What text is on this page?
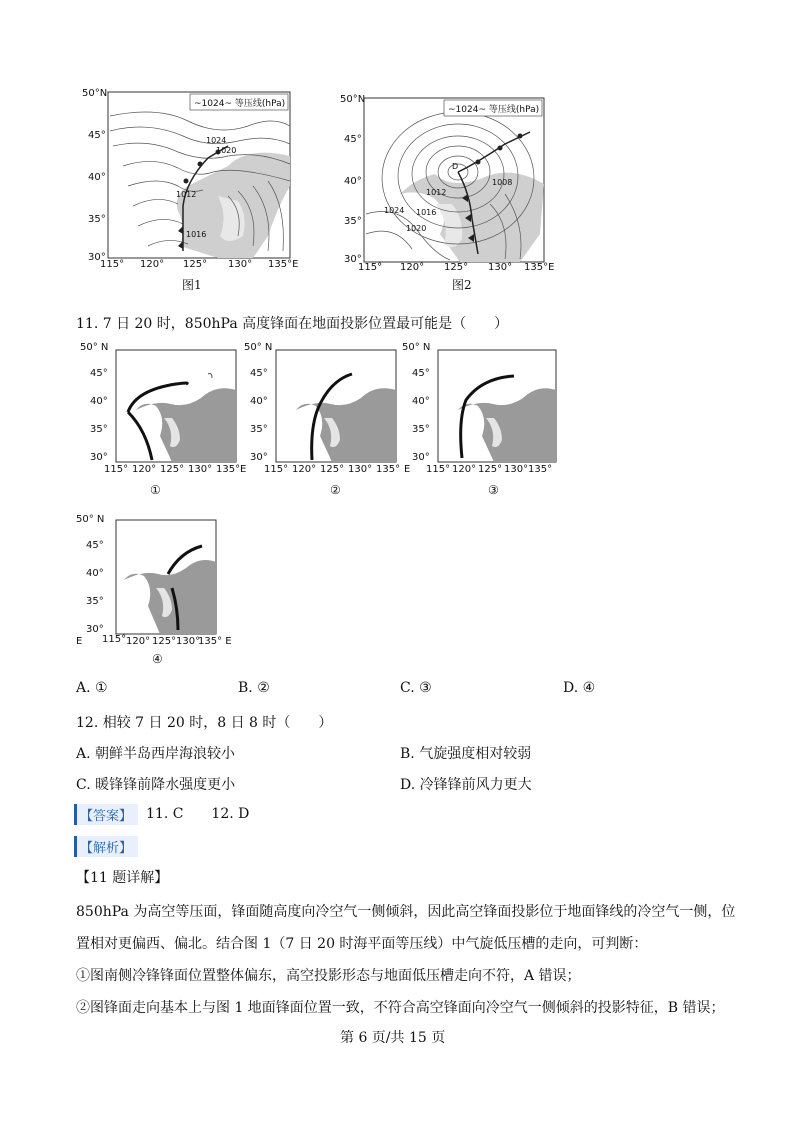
~1024~ 等压线(hPa)
50°N
45°
40°
35°
30°
115° 120° 125° 130° 135°E
1024
1020
1012
1016
图1
~1024~ 等压线(hPa)
50°N
45°
40°
35°
30°
115° 120° 125° 130° 135°E
1012
1016
1020
1024
1008
D
图2
11. 7 日 20 时，850hPa 高度锋面在地面投影位置最可能是（　　）
50° N
45°
40°
35°
30°
115° 120° 125° 130° 135°
①
50° N
45°
40°
35°
30°
E 115° 120° 125° 130° 135°
②
50° N
45°
40°
35°
30°
E 115° 120° 125° 130° 135°
③
50° N
45°
40°
35°
30°
E 115° 120° 125° 130°
135° E
④
A. ①	B. ②	C. ③	D. ④
12. 相较 7 日 20 时，8 日 8 时（　　）
A. 朝鲜半岛西岸海浪较小	B. 气旋强度相对较弱
C. 暖锋锋前降水强度更小	D. 冷锋锋前风力更大
【答案】 11. C　　12. D
【解析】
【11 题详解】
850hPa 为高空等压面，锋面随高度向冷空气一侧倾斜，因此高空锋面投影位于地面锋线的冷空气一侧，位
置相对更偏西、偏北。结合图 1（7 日 20 时海平面等压线）中气旋低压槽的走向，可判断：
①图南侧冷锋锋面位置整体偏东，高空投影形态与地面低压槽走向不符，A 错误；
②图锋面走向基本上与图 1 地面锋面位置一致，不符合高空锋面向冷空气一侧倾斜的投影特征，B 错误；
第 6 页/共 15 页
